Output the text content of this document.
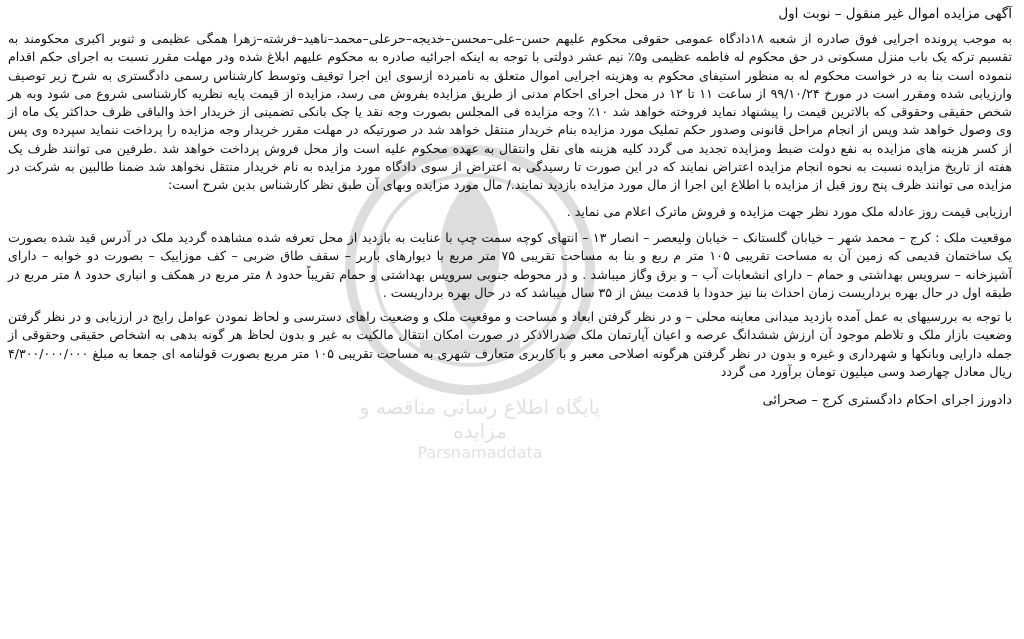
آگهی مزایده اموال غیر منقول – نوبت اول

به موجب پرونده اجرایی فوق صادره از شعبه ۱۸دادگاه عمومی حقوقی محکوم علیهم حسن–علی–محسن–خدیجه–حرعلی–محمد–ناهید–فرشته–زهرا همگی عظیمی و ثنوبر اکبری محکومند به تقسیم ترکه یک باب منزل مسکونی در حق محکوم له فاطمه عظیمی و۵٪ نیم عشر دولتی با توجه به اینکه اجرائیه صادره به محکوم علیهم ابلاغ شده ودر مهلت مقرر نسبت به اجرای حکم اقدام ننموده است بنا به در خواست محکوم له به منظور استیفای محکوم به وهزینه اجرایی اموال متعلق به نامبرده ازسوی این اجرا توقیف وتوسط کارشناس رسمی دادگستری به شرح زیر توصیف وارزیابی شده ومقرر است در مورخ ۹۹/۱۰/۲۴ از ساعت ۱۱ تا ۱۲ در محل اجرای احکام مدنی از طریق مزایده بفروش می رسد، مزایده از قیمت پایه نظریه کارشناسی شروع می شود وبه هر شخص حقیقی وحقوقی که بالاترین قیمت را پیشنهاد نماید فروخته خواهد شد ۱۰٪ وجه مزایده فی المجلس بصورت وجه نقد یا چک بانکی تضمینی از خریدار اخذ والباقی ظرف حداکثر یک ماه از وی وصول خواهد شد وپس از انجام مراحل قانونی وصدور حکم تملیک مورد مزایده بنام خریدار منتقل خواهد شد در صورتیکه در مهلت مقرر خریدار وجه مزایده را پرداخت ننماید سپرده وی پس از کسر هزینه های مزایده به نفع دولت ضبط ومزایده تجدید می گردد کلیه هزینه های نقل وانتقال به عهده محکوم علیه است واز محل فروش پرداخت خواهد شد .طرفین می توانند ظرف یک هفته از تاریخ مزایده نسبت به نحوه انجام مزایده اعتراض نمایند که در این صورت تا رسیدگی به اعتراض از سوی دادگاه مورد مزایده به نام خریدار منتقل نخواهد شد ضمنا طالبین به شرکت در مزایده می توانند ظرف پنج روز قبل از مزایده با اطلاع این اجرا از مال مورد مزایده بازدید نمایند./ مال مورد مزایده وبهای آن طبق نظر کارشناس بدین شرح است:

ارزیابی قیمت روز عادله ملک مورد نظر جهت مزایده و فروش ماترک اعلام می نماید .

موقعیت ملک : کرج – محمد شهر – خیابان گلستانک – خیابان ولیعصر – انصار ۱۳ – انتهای کوچه سمت چپ با عنایت به بازدید از محل تعرفه شده مشاهده گردید ملک در آدرس قید شده بصورت یک ساختمان قدیمی که زمین آن به مساحت تقریبی ۱۰۵ متر م ربع و بنا به مساحت تقریبی ۷۵ متر مربع با دیوارهای باربر – سقف طاق ضربی – کف موزاییک – بصورت دو خوابه – دارای آشپزخانه – سرویس بهداشتی و حمام – دارای انشعابات آب – و برق وگاز میباشد . و در محوطه جنوبی سرویس بهداشتی و حمام تقریباً حدود ۸ متر مربع در همکف و انباری حدود ۸ متر مربع در طبقه اول در حال بهره برداریست زمان احداث بنا نیز حدودا با قدمت بیش از ۳۵ سال میباشد که در حال بهره برداریست .

با توجه به بررسیهای به عمل آمده بازدید میدانی معاینه محلی – و در نظر گرفتن ابعاد و مساحت و موقعیت ملک و وضعیت راهای دسترسی و لحاظ نمودن عوامل رایج در ارزیابی و در نظر گرفتن وضعیت بازار ملک و تلاطم موجود آن ارزش ششدانگ عرصه و اعیان آپارتمان ملک صدرالاذکر در صورت امکان انتقال مالکیت به غیر و بدون لحاظ هر گونه بدهی به اشخاص حقیقی وحقوقی از جمله دارایی وبانکها و شهرداری و غیره و بدون در نظر گرفتن هرگونه اصلاحی معبر و با کاربری متعارف شهری به مساحت تقریبی ۱۰۵ متر مربع بصورت قولنامه ای جمعا به مبلغ ۴/۳۰۰/۰۰۰/۰۰۰ ریال معادل چهارصد وسی میلیون تومان برآورد می گردد

دادورز اجرای احکام دادگستری کرج – صحرائی

پایگاه اطلاع رسانی مناقصه و مزایده
Parsnamaddata
